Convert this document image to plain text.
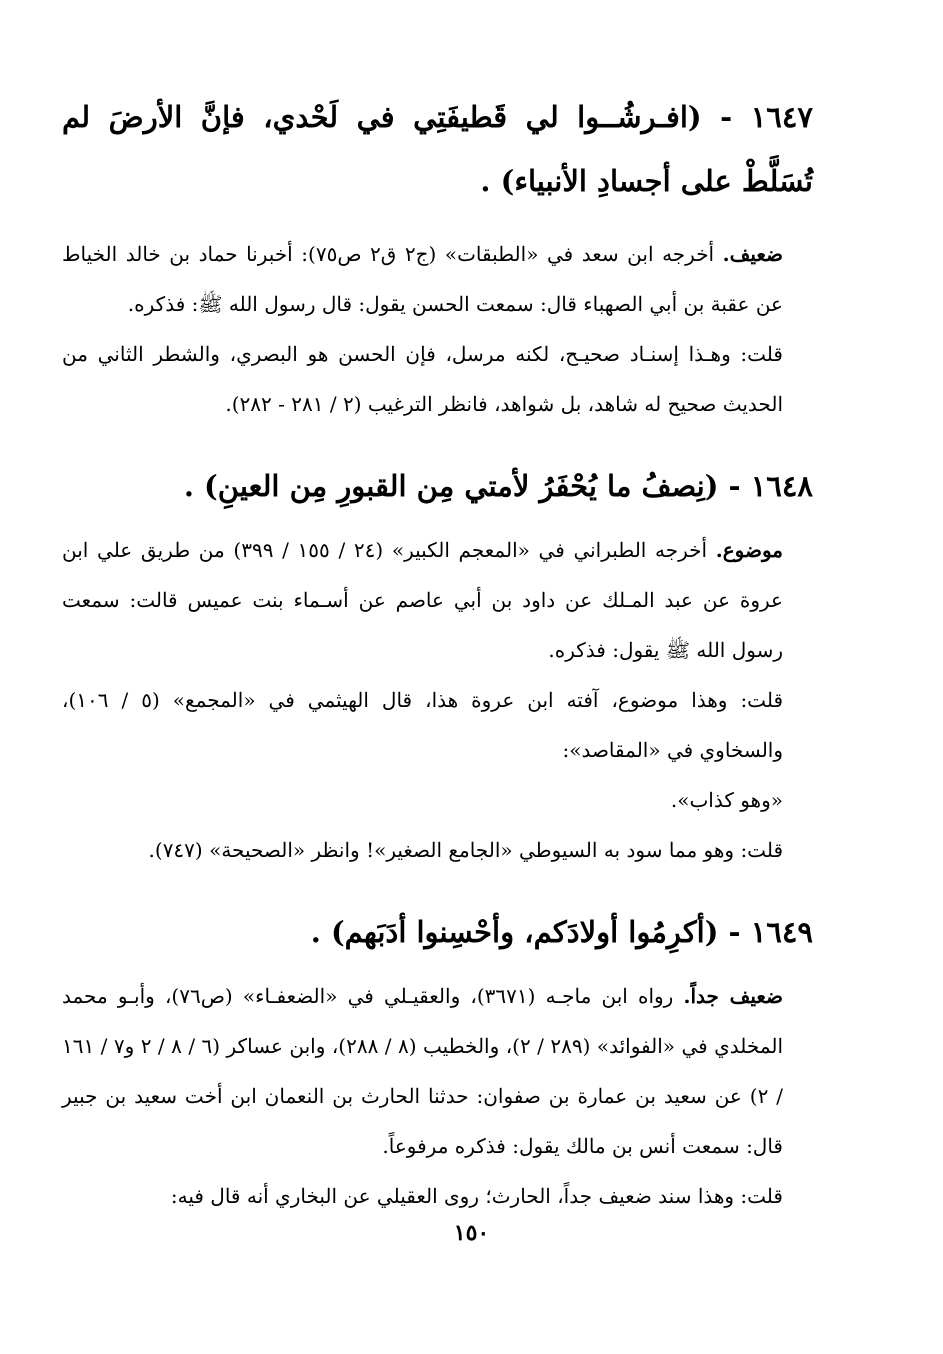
١٦٤٧ - (افـرشُــوا لي قَطيفَتِي في لَحْدي، فإنَّ الأرضَ لم تُسَلَّطْ على أجسادِ الأنبياء) .

ضعيف. أخرجه ابن سعد في «الطبقات» (ج٢ ق٢ ص٧٥): أخبرنا حماد بن خالد الخياط عن عقبة بن أبي الصهباء قال: سمعت الحسن يقول: قال رسول الله ﷺ: فذكره.

قلت: وهـذا إسنـاد صحيـح، لكنه مرسل، فإن الحسن هو البصري، والشطر الثاني من الحديث صحيح له شاهد، بل شواهد، فانظر الترغيب (٢ / ٢٨١ - ٢٨٢).

١٦٤٨ - (نِصفُ ما يُحْفَرُ لأمتي مِن القبورِ مِن العينِ) .

موضوع. أخرجه الطبراني في «المعجم الكبير» (٢٤ / ١٥٥ / ٣٩٩) من طريق علي ابن عروة عن عبد المـلك عن داود بن أبي عاصم عن أسـماء بنت عميس قالت: سمعت رسول الله ﷺ يقول: فذكره.

قلت: وهذا موضوع، آفته ابن عروة هذا، قال الهيثمي في «المجمع» (٥ / ١٠٦)، والسخاوي في «المقاصد»:

«وهو كذاب».

قلت: وهو مما سود به السيوطي «الجامع الصغير»! وانظر «الصحيحة» (٧٤٧).

١٦٤٩ - (أكرِمُوا أولادَكم، وأحْسِنوا أدَبَهم) .

ضعيف جداً. رواه ابن ماجـه (٣٦٧١)، والعقيـلي في «الضعفـاء» (ص٧٦)، وأبـو محمد المخلدي في «الفوائد» (٢٨٩ / ٢)، والخطيب (٨ / ٢٨٨)، وابن عساكر (٦ / ٨ / ٢ و٧ / ١٦١ / ٢) عن سعيد بن عمارة بن صفوان: حدثنا الحارث بن النعمان ابن أخت سعيد بن جبير قال: سمعت أنس بن مالك يقول: فذكره مرفوعاً.

قلت: وهذا سند ضعيف جداً، الحارث؛ روى العقيلي عن البخاري أنه قال فيه:

١٥٠
